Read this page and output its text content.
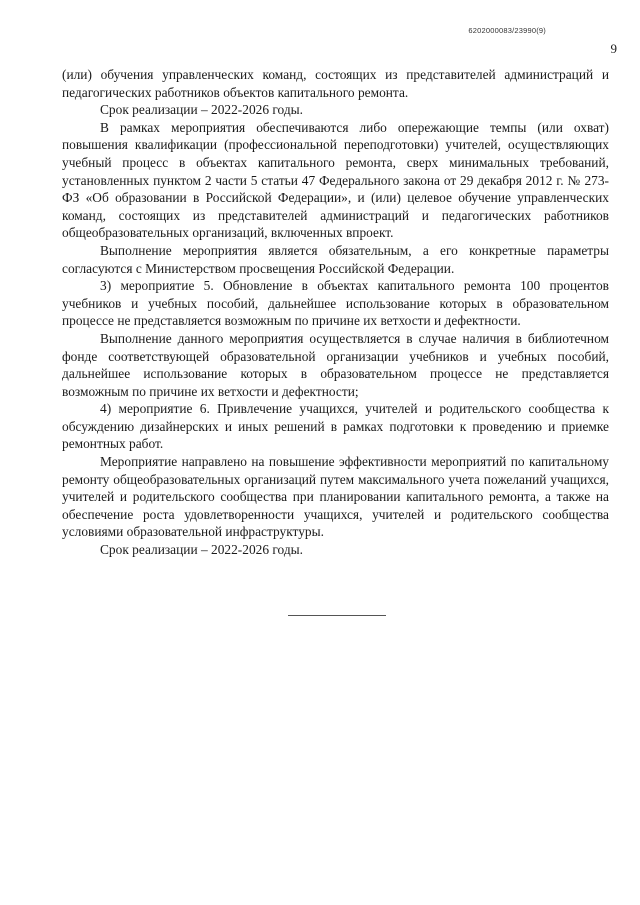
6202000083/23990(9)
9

(или) обучения управленческих команд, состоящих из представителей администраций и педагогических работников объектов капитального ремонта.

Срок реализации – 2022-2026 годы.

В рамках мероприятия обеспечиваются либо опережающие темпы (или охват) повышения квалификации (профессиональной переподготовки) учителей, осуществляющих учебный процесс в объектах капитального ремонта, сверх минимальных требований, установленных пунктом 2 части 5 статьи 47 Федерального закона от 29 декабря 2012 г. № 273-ФЗ «Об образовании в Российской Федерации», и (или) целевое обучение управленческих команд, состоящих из представителей администраций и педагогических работников общеобразовательных организаций, включенных впроект.

Выполнение мероприятия является обязательным, а его конкретные параметры согласуются с Министерством просвещения Российской Федерации.

3) мероприятие 5. Обновление в объектах капитального ремонта 100 процентов учебников и учебных пособий, дальнейшее использование которых в образовательном процессе не представляется возможным по причине их ветхости и дефектности.

Выполнение данного мероприятия осуществляется в случае наличия в библиотечном фонде соответствующей образовательной организации учебников и учебных пособий, дальнейшее использование которых в образовательном процессе не представляется возможным по причине их ветхости и дефектности;

4) мероприятие 6. Привлечение учащихся, учителей и родительского сообщества к обсуждению дизайнерских и иных решений в рамках подготовки к проведению и приемке ремонтных работ.

Мероприятие направлено на повышение эффективности мероприятий по капитальному ремонту общеобразовательных организаций путем максимального учета пожеланий учащихся, учителей и родительского сообщества при планировании капитального ремонта, а также на обеспечение роста удовлетворенности учащихся, учителей и родительского сообщества условиями образовательной инфраструктуры.

Срок реализации – 2022-2026 годы.
